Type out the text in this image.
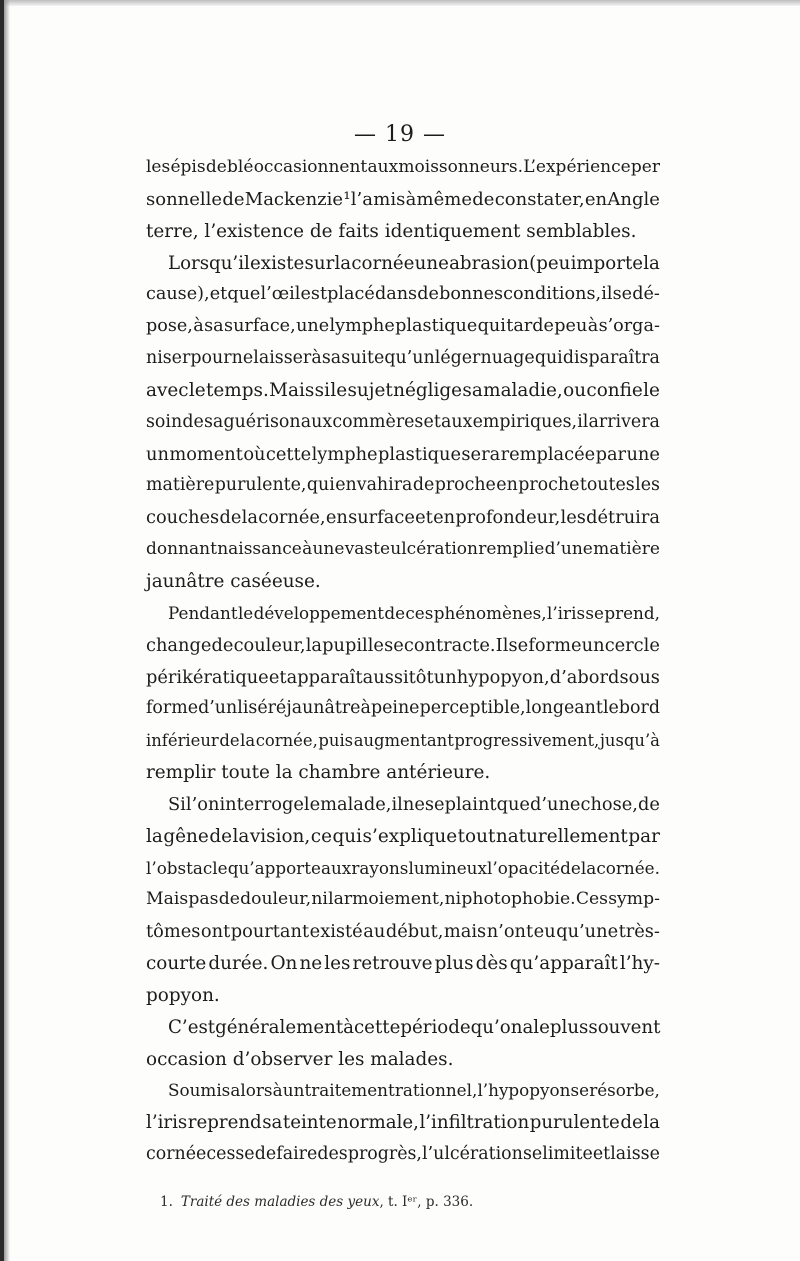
— 19 —
les épis de blé occasionnent aux moissonneurs. L’expérience per
sonnelle de Mackenzie ¹ l’a mis à même de constater, en Angle
terre, l’existence de faits identiquement semblables.
Lorsqu’il existe sur la cornée une abrasion (peu importe la
cause), et que l’œil est placé dans de bonnes conditions, il se dé-
pose, à sa surface, une lymphe plastique qui tarde peu à s’orga-
niser pour ne laisser à sa suite qu’un léger nuage qui disparaîtra
avec le temps. Mais si le sujet néglige sa maladie, ou confie le
soin de sa guérison aux commères et aux empiriques, il arrivera
un moment où cette lymphe plastique sera remplacée par une
matière purulente, qui envahira de proche en proche toutes les
couches de la cornée, en surface et en profondeur, les détruira
donnant naissance à une vaste ulcération remplie d’une matière
jaunâtre caséeuse.
Pendant le développement de ces phénomènes, l’iris se prend,
change de couleur, la pupille se contracte. Il se forme un cercle
périkératique et apparaît aussitôt un hypopyon, d’abord sous
forme d’un liséré jaunâtre à peine perceptible, longeant le bord
inférieur de la cornée, puis augmentant progressivement, jusqu’à
remplir toute la chambre antérieure.
Si l’on interroge le malade, il ne se plaint que d’une chose, de
la gêne de la vision, ce qui s’explique tout naturellement par
l’obstacle qu’apporte aux rayons lumineux l’opacité de la cornée.
Mais pas de douleur, ni larmoiement, ni photophobie. Ces symp-
tômes ont pourtant existé au début, mais n’ont eu qu’une très-
courte durée. On ne les retrouve plus dès qu’apparaît l’hy-
popyon.
C’est généralement à cette période qu’on a le plus souvent
occasion d’observer les malades.
Soumis alors à un traitement rationnel, l’hypopyon se résorbe,
l’iris reprend sa teinte normale, l’infiltration purulente de la
cornée cesse de faire des progrès, l’ulcération se limite et laisse
1. Traité des maladies des yeux, t. Iᵉʳ, p. 336.
